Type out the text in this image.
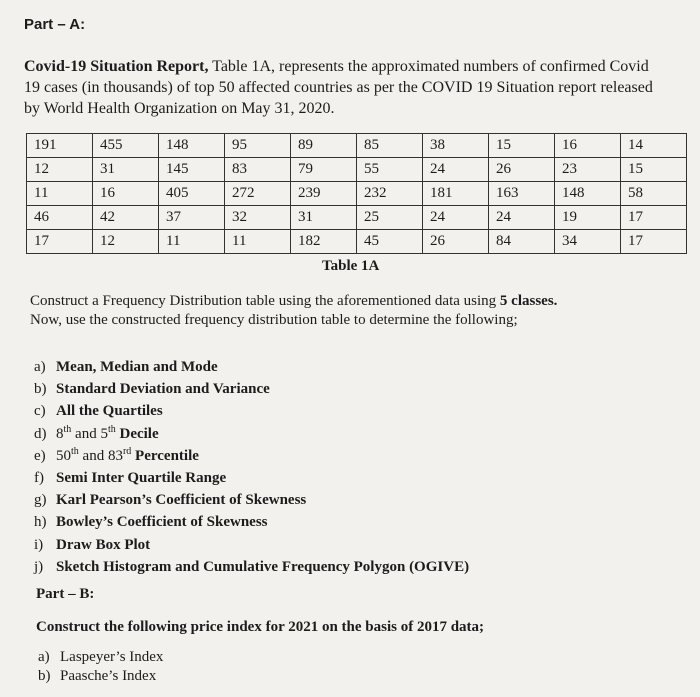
Part – A:
Covid-19 Situation Report, Table 1A, represents the approximated numbers of confirmed Covid
19 cases (in thousands) of top 50 affected countries as per the COVID 19 Situation report released
by World Health Organization on May 31, 2020.
191	455	148	95	89	85	38	15	16	14
12	31	145	83	79	55	24	26	23	15
11	16	405	272	239	232	181	163	148	58
46	42	37	32	31	25	24	24	19	17
17	12	11	11	182	45	26	84	34	17
Table 1A
Construct a Frequency Distribution table using the aforementioned data using 5 classes.
Now, use the constructed frequency distribution table to determine the following;
a) Mean, Median and Mode
b) Standard Deviation and Variance
c) All the Quartiles
d) 8th and 5th Decile
e) 50th and 83rd Percentile
f) Semi Inter Quartile Range
g) Karl Pearson’s Coefficient of Skewness
h) Bowley’s Coefficient of Skewness
i) Draw Box Plot
j) Sketch Histogram and Cumulative Frequency Polygon (OGIVE)
Part – B:
Construct the following price index for 2021 on the basis of 2017 data;
a) Laspeyer’s Index
b) Paasche’s Index
